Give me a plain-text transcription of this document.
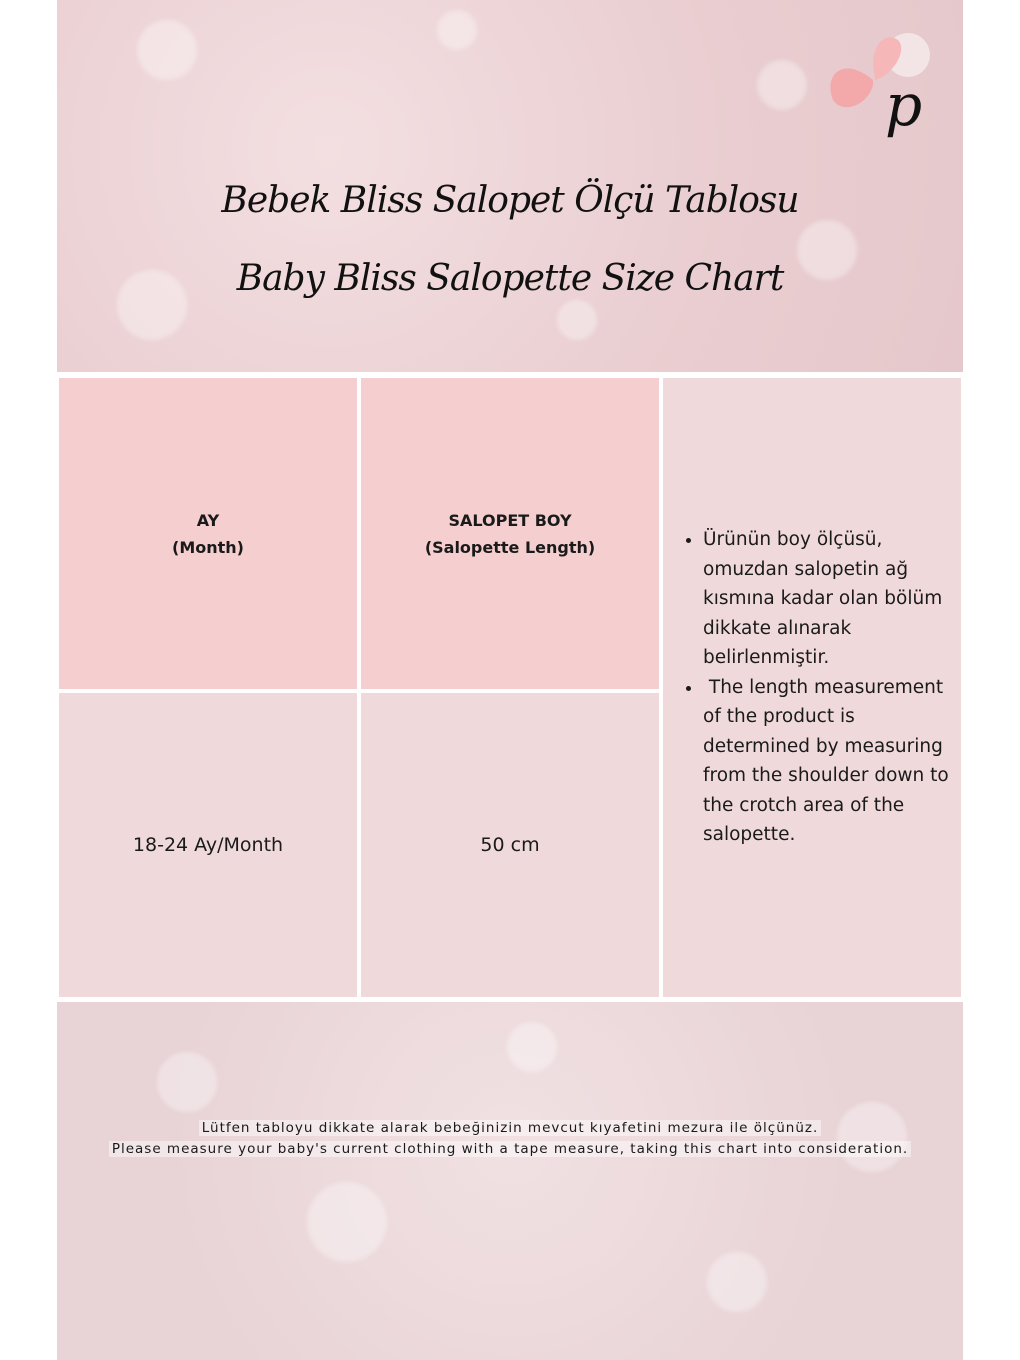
p
Bebek Bliss Salopet Ölçü Tablosu
Baby Bliss Salopette Size Chart
AY
(Month)
SALOPET BOY
(Salopette Length)
18-24 Ay/Month	50 cm
• Ürünün boy ölçüsü, omuzdan salopetin ağ kısmına kadar olan bölüm dikkate alınarak belirlenmiştir.
•  The length measurement of the product is determined by measuring from the shoulder down to the crotch area of the salopette.
Lütfen tabloyu dikkate alarak bebeğinizin mevcut kıyafetini mezura ile ölçünüz.
Please measure your baby's current clothing with a tape measure, taking this chart into consideration.
